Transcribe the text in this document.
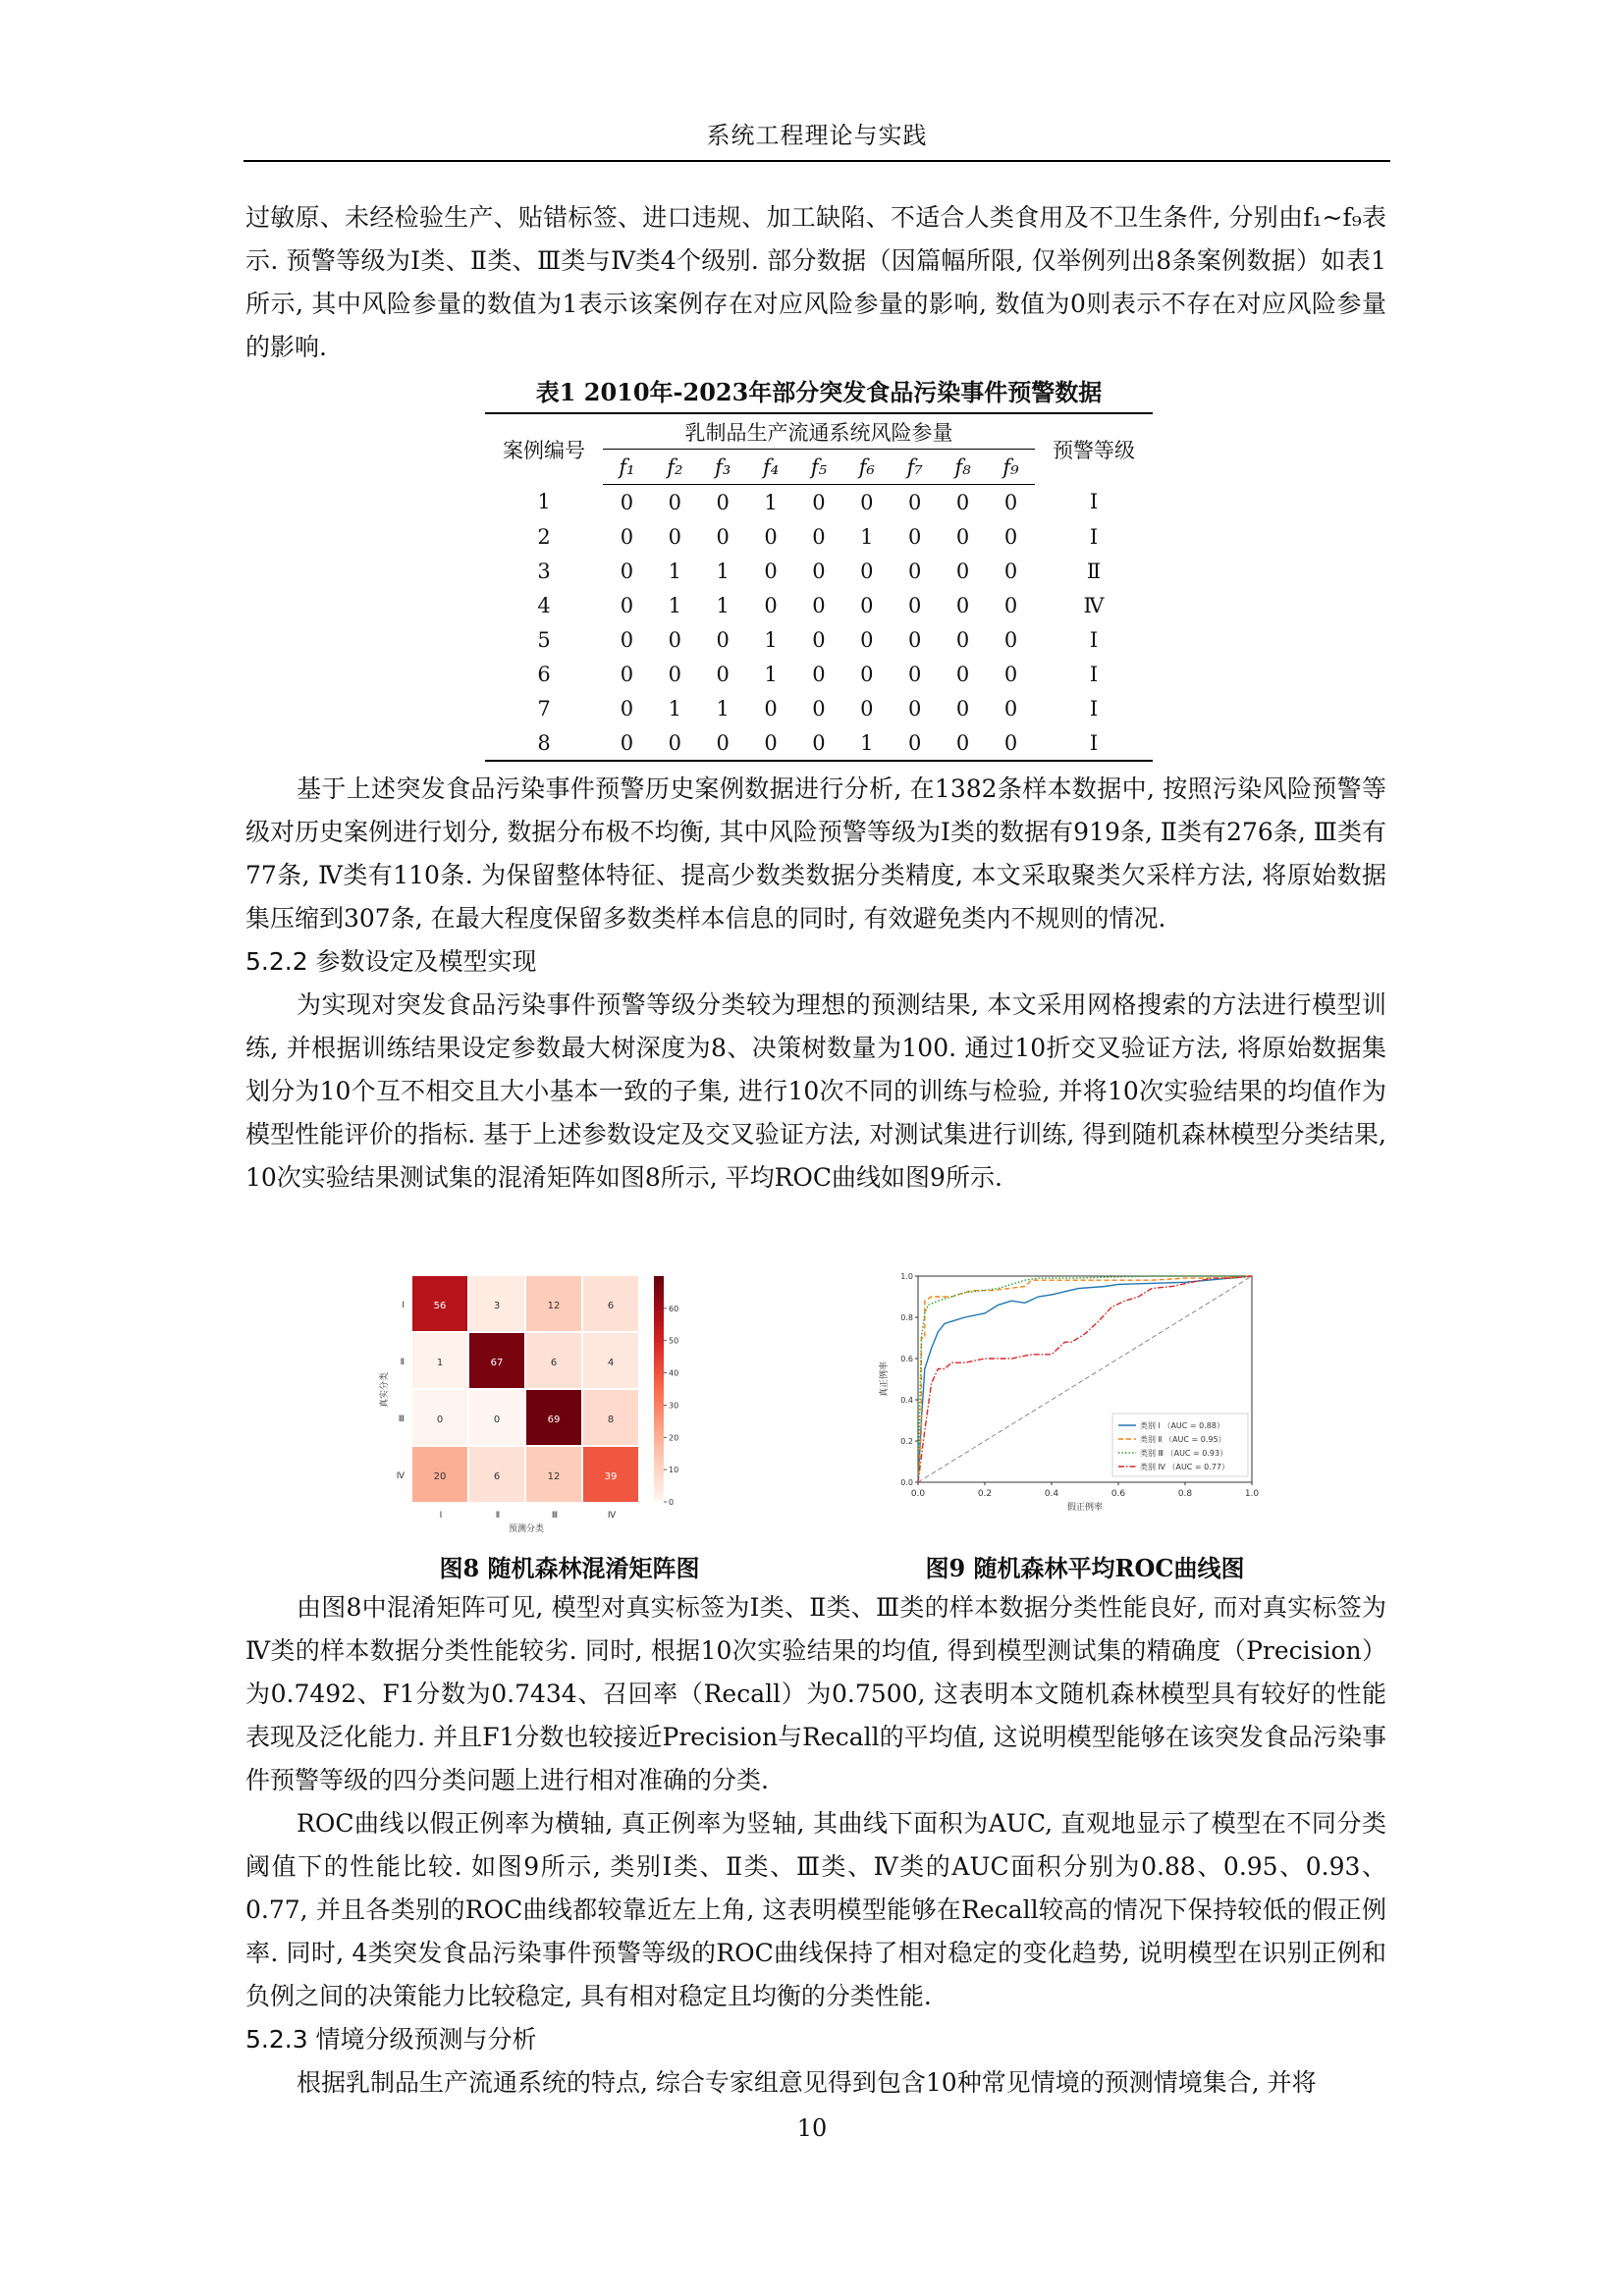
系统工程理论与实践

过敏原、未经检验生产、贴错标签、进口违规、加工缺陷、不适合人类食用及不卫生条件, 分别由f₁~f₉表示. 预警等级为Ⅰ类、Ⅱ类、Ⅲ类与Ⅳ类4个级别. 部分数据（因篇幅所限, 仅举例列出8条案例数据）如表1所示, 其中风险参量的数值为1表示该案例存在对应风险参量的影响, 数值为0则表示不存在对应风险参量的影响.

表1 2010年-2023年部分突发食品污染事件预警数据
案例编号	乳制品生产流通系统风险参量									预警等级
	f₁	f₂	f₃	f₄	f₅	f₆	f₇	f₈	f₉	
1	0	0	0	1	0	0	0	0	0	Ⅰ
2	0	0	0	0	0	1	0	0	0	Ⅰ
3	0	1	1	0	0	0	0	0	0	Ⅱ
4	0	1	1	0	0	0	0	0	0	Ⅳ
5	0	0	0	1	0	0	0	0	0	Ⅰ
6	0	0	0	1	0	0	0	0	0	Ⅰ
7	0	1	1	0	0	0	0	0	0	Ⅰ
8	0	0	0	0	0	1	0	0	0	Ⅰ

基于上述突发食品污染事件预警历史案例数据进行分析, 在1382条样本数据中, 按照污染风险预警等级对历史案例进行划分, 数据分布极不均衡, 其中风险预警等级为Ⅰ类的数据有919条, Ⅱ类有276条, Ⅲ类有77条, Ⅳ类有110条. 为保留整体特征、提高少数类数据分类精度, 本文采取聚类欠采样方法, 将原始数据集压缩到307条, 在最大程度保留多数类样本信息的同时, 有效避免类内不规则的情况.

5.2.2 参数设定及模型实现

为实现对突发食品污染事件预警等级分类较为理想的预测结果, 本文采用网格搜索的方法进行模型训练, 并根据训练结果设定参数最大树深度为8、决策树数量为100. 通过10折交叉验证方法, 将原始数据集划分为10个互不相交且大小基本一致的子集, 进行10次不同的训练与检验, 并将10次实验结果的均值作为模型性能评价的指标. 基于上述参数设定及交叉验证方法, 对测试集进行训练, 得到随机森林模型分类结果, 10次实验结果测试集的混淆矩阵如图8所示, 平均ROC曲线如图9所示.

56	3	12	6
1	67	6	4
0	0	69	8
20	6	12	39
Ⅰ	Ⅱ	Ⅲ	Ⅳ
Ⅰ
Ⅱ
Ⅲ
Ⅳ
预测分类
真实分类
0
10
20
30
40
50
60
图8 随机森林混淆矩阵图
0.0	0.2	0.4	0.6	0.8	1.0
0.0
0.2
0.4
0.6
0.8
1.0
假正例率
真正例率
类别 Ⅰ （AUC = 0.88）
类别 Ⅱ （AUC = 0.95）
类别 Ⅲ （AUC = 0.93）
类别 Ⅳ （AUC = 0.77）
图9 随机森林平均ROC曲线图

由图8中混淆矩阵可见, 模型对真实标签为Ⅰ类、Ⅱ类、Ⅲ类的样本数据分类性能良好, 而对真实标签为Ⅳ类的样本数据分类性能较劣. 同时, 根据10次实验结果的均值, 得到模型测试集的精确度（Precision）为0.7492、F1分数为0.7434、召回率（Recall）为0.7500, 这表明本文随机森林模型具有较好的性能表现及泛化能力. 并且F1分数也较接近Precision与Recall的平均值, 这说明模型能够在该突发食品污染事件预警等级的四分类问题上进行相对准确的分类.

ROC曲线以假正例率为横轴, 真正例率为竖轴, 其曲线下面积为AUC, 直观地显示了模型在不同分类阈值下的性能比较. 如图9所示, 类别Ⅰ类、Ⅱ类、Ⅲ类、Ⅳ类的AUC面积分别为0.88、0.95、0.93、0.77, 并且各类别的ROC曲线都较靠近左上角, 这表明模型能够在Recall较高的情况下保持较低的假正例率. 同时, 4类突发食品污染事件预警等级的ROC曲线保持了相对稳定的变化趋势, 说明模型在识别正例和负例之间的决策能力比较稳定, 具有相对稳定且均衡的分类性能.

5.2.3 情境分级预测与分析

根据乳制品生产流通系统的特点, 综合专家组意见得到包含10种常见情境的预测情境集合, 并将

10
